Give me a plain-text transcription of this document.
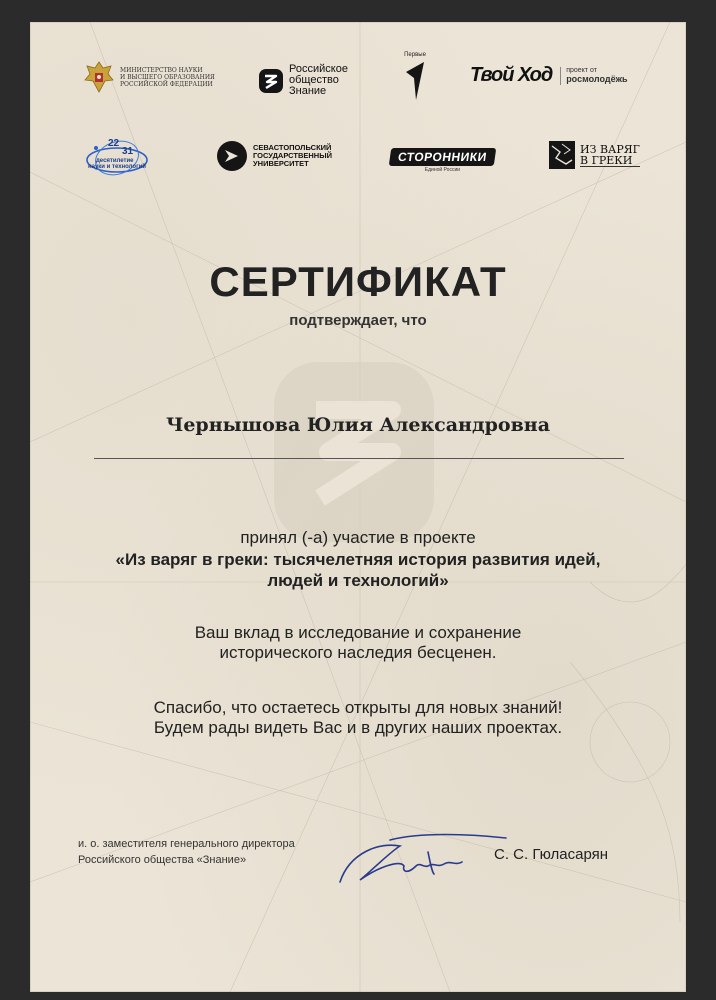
МИНИСТЕРСТВО НАУКИ
И ВЫСШЕГО ОБРАЗОВАНИЯ
РОССИЙСКОЙ ФЕДЕРАЦИИ
Российское
общество
Знание
Первые
Твой Ход проект от
росмолодёжь
22
31
десятилетие
науки и технологий
СЕВАСТОПОЛЬСКИЙ
ГОСУДАРСТВЕННЫЙ
УНИВЕРСИТЕТ	СТОРОННИКИ
Единой России
ИЗ ВАРЯГ
В ГРЕКИ
СЕРТИФИКАТ
подтверждает, что
Чернышова Юлия Александровна
принял (-а) участие в проекте
«Из варяг в греки: тысячелетняя история развития идей,
людей и технологий»
Ваш вклад в исследование и сохранение
исторического наследия бесценен.
Спасибо, что остаетесь открыты для новых знаний!
Будем рады видеть Вас и в других наших проектах.
и. о. заместителя генерального директора
Российского общества «Знание»	С. С. Гюласарян
